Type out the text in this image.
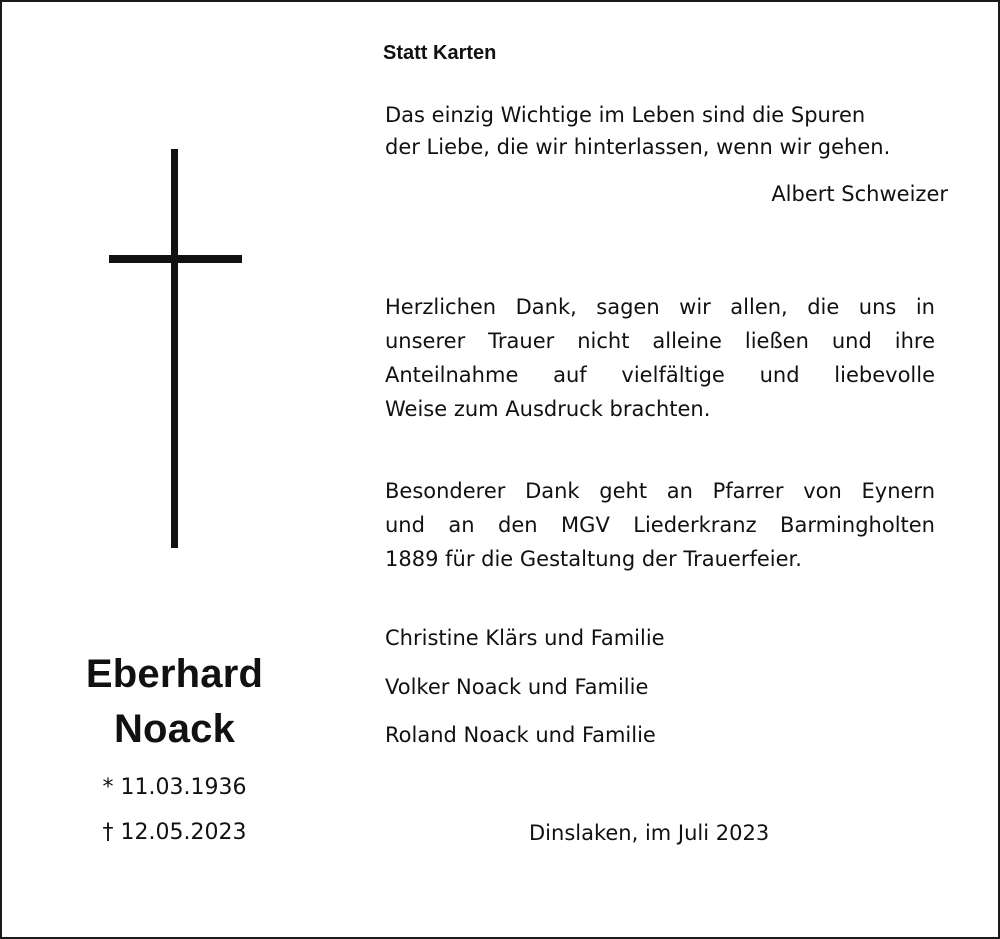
Eberhard
Noack
* 11.03.1936
† 12.05.2023
Statt Karten
Das einzig Wichtige im Leben sind die Spuren
der Liebe, die wir hinterlassen, wenn wir gehen.
Albert Schweizer
Herzlichen Dank, sagen wir allen, die uns in
unserer Trauer nicht alleine ließen und ihre
Anteilnahme auf vielfältige und liebevolle
Weise zum Ausdruck brachten.
Besonderer Dank geht an Pfarrer von Eynern
und an den MGV Liederkranz Barmingholten
1889 für die Gestaltung der Trauerfeier.
Christine Klärs und Familie
Volker Noack und Familie
Roland Noack und Familie
Dinslaken, im Juli 2023
